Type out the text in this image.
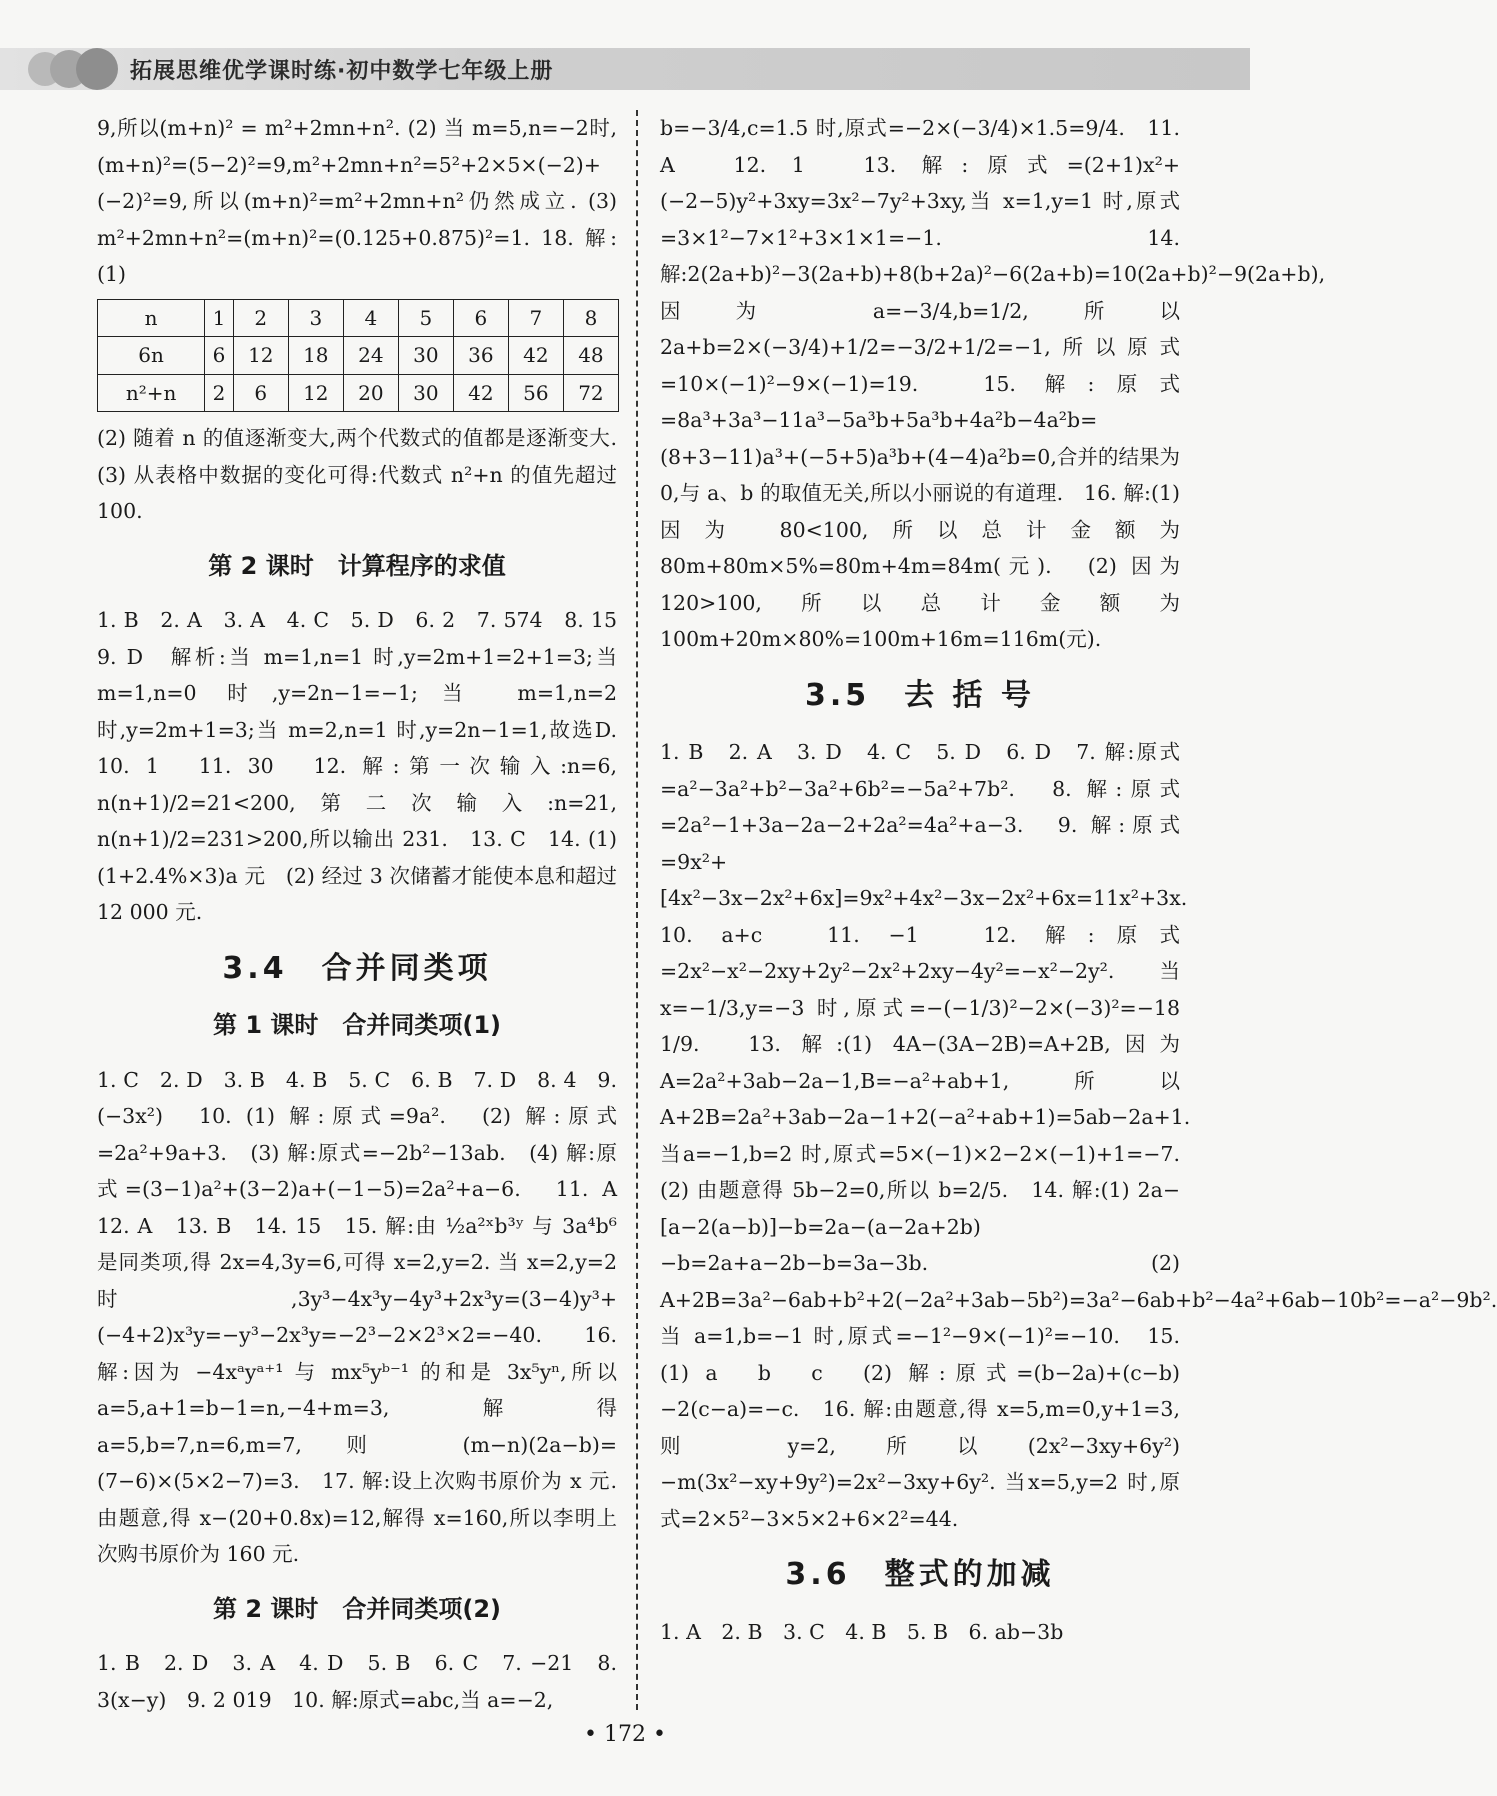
拓展思维优学课时练·初中数学七年级上册

9,所以(m+n)² = m²+2mn+n². (2) 当 m=5,n=−2时,(m+n)²=(5−2)²=9,m²+2mn+n²=5²+2×5×(−2)+(−2)²=9,所以(m+n)²=m²+2mn+n²仍然成立. (3) m²+2mn+n²=(m+n)²=(0.125+0.875)²=1. 18. 解:(1)

n	1	2	3	4	5	6	7	8
6n	6	12	18	24	30	36	42	48
n²+n	2	6	12	20	30	42	56	72

(2) 随着 n 的值逐渐变大,两个代数式的值都是逐渐变大. (3) 从表格中数据的变化可得:代数式 n²+n 的值先超过 100.

第 2 课时　计算程序的求值

1. B　2. A　3. A　4. C　5. D　6. 2　7. 574　8. 15　9. D　解析:当 m=1,n=1 时,y=2m+1=2+1=3;当 m=1,n=0 时,y=2n−1=−1;当 m=1,n=2 时,y=2m+1=3;当 m=2,n=1 时,y=2n−1=1,故选D.　10. 1　11. 30　12. 解:第一次输入:n=6, n(n+1)/2=21<200,第二次输入:n=21, n(n+1)/2=231>200,所以输出 231.　13. C　14. (1) (1+2.4%×3)a 元　(2) 经过 3 次储蓄才能使本息和超过 12 000 元.

3.4　合并同类项
第 1 课时　合并同类项(1)

1. C　2. D　3. B　4. B　5. C　6. B　7. D　8. 4　9. (−3x²)　10. (1) 解:原式=9a².　(2) 解:原式=2a²+9a+3.　(3) 解:原式=−2b²−13ab.　(4) 解:原式=(3−1)a²+(3−2)a+(−1−5)=2a²+a−6.　11. A　12. A　13. B　14. 15　15. 解:由 ½a²ˣb³ʸ 与 3a⁴b⁶ 是同类项,得 2x=4,3y=6,可得 x=2,y=2. 当 x=2,y=2 时,3y³−4x³y−4y³+2x³y=(3−4)y³+(−4+2)x³y=−y³−2x³y=−2³−2×2³×2=−40.　16. 解:因为 −4xᵃyᵃ⁺¹ 与 mx⁵yᵇ⁻¹ 的和是 3x⁵yⁿ,所以 a=5,a+1=b−1=n,−4+m=3,解得 a=5,b=7,n=6,m=7,则 (m−n)(2a−b)=(7−6)×(5×2−7)=3.　17. 解:设上次购书原价为 x 元. 由题意,得 x−(20+0.8x)=12,解得 x=160,所以李明上次购书原价为 160 元.

第 2 课时　合并同类项(2)

1. B　2. D　3. A　4. D　5. B　6. C　7. −21　8. 3(x−y)　9. 2 019　10. 解:原式=abc,当 a=−2,

b=−3/4,c=1.5 时,原式=−2×(−3/4)×1.5=9/4.　11. A　12. 1　13. 解:原式=(2+1)x²+(−2−5)y²+3xy=3x²−7y²+3xy,当 x=1,y=1 时,原式=3×1²−7×1²+3×1×1=−1.　14. 解:2(2a+b)²−3(2a+b)+8(b+2a)²−6(2a+b)=10(2a+b)²−9(2a+b),因为 a=−3/4,b=1/2,所以 2a+b=2×(−3/4)+1/2=−3/2+1/2=−1,所以原式=10×(−1)²−9×(−1)=19.　15. 解:原式=8a³+3a³−11a³−5a³b+5a³b+4a²b−4a²b=(8+3−11)a³+(−5+5)a³b+(4−4)a²b=0,合并的结果为 0,与 a、b 的取值无关,所以小丽说的有道理.　16. 解:(1) 因为 80<100,所以总计金额为 80m+80m×5%=80m+4m=84m(元).　(2) 因为120>100,所以总计金额为 100m+20m×80%=100m+16m=116m(元).

3.5　去 括 号

1. B　2. A　3. D　4. C　5. D　6. D　7. 解:原式=a²−3a²+b²−3a²+6b²=−5a²+7b².　8. 解:原式=2a²−1+3a−2a−2+2a²=4a²+a−3.　9. 解:原式=9x²+[4x²−3x−2x²+6x]=9x²+4x²−3x−2x²+6x=11x²+3x.　10. a+c　11. −1　12. 解:原式=2x²−x²−2xy+2y²−2x²+2xy−4y²=−x²−2y². 当 x=−1/3,y=−3 时,原式=−(−1/3)²−2×(−3)²=−18 1/9.　13. 解:(1) 4A−(3A−2B)=A+2B,因为 A=2a²+3ab−2a−1,B=−a²+ab+1,所以 A+2B=2a²+3ab−2a−1+2(−a²+ab+1)=5ab−2a+1. 当a=−1,b=2 时,原式=5×(−1)×2−2×(−1)+1=−7.　(2) 由题意得 5b−2=0,所以 b=2/5.　14. 解:(1) 2a−[a−2(a−b)]−b=2a−(a−2a+2b)−b=2a+a−2b−b=3a−3b.　(2) A+2B=3a²−6ab+b²+2(−2a²+3ab−5b²)=3a²−6ab+b²−4a²+6ab−10b²=−a²−9b². 当 a=1,b=−1 时,原式=−1²−9×(−1)²=−10.　15. (1) a　b　c　(2) 解:原式=(b−2a)+(c−b)−2(c−a)=−c.　16. 解:由题意,得 x=5,m=0,y+1=3,则 y=2,所以(2x²−3xy+6y²)−m(3x²−xy+9y²)=2x²−3xy+6y². 当x=5,y=2 时,原式=2×5²−3×5×2+6×2²=44.

3.6　整式的加减

1. A　2. B　3. C　4. B　5. B　6. ab−3b

• 172 •
